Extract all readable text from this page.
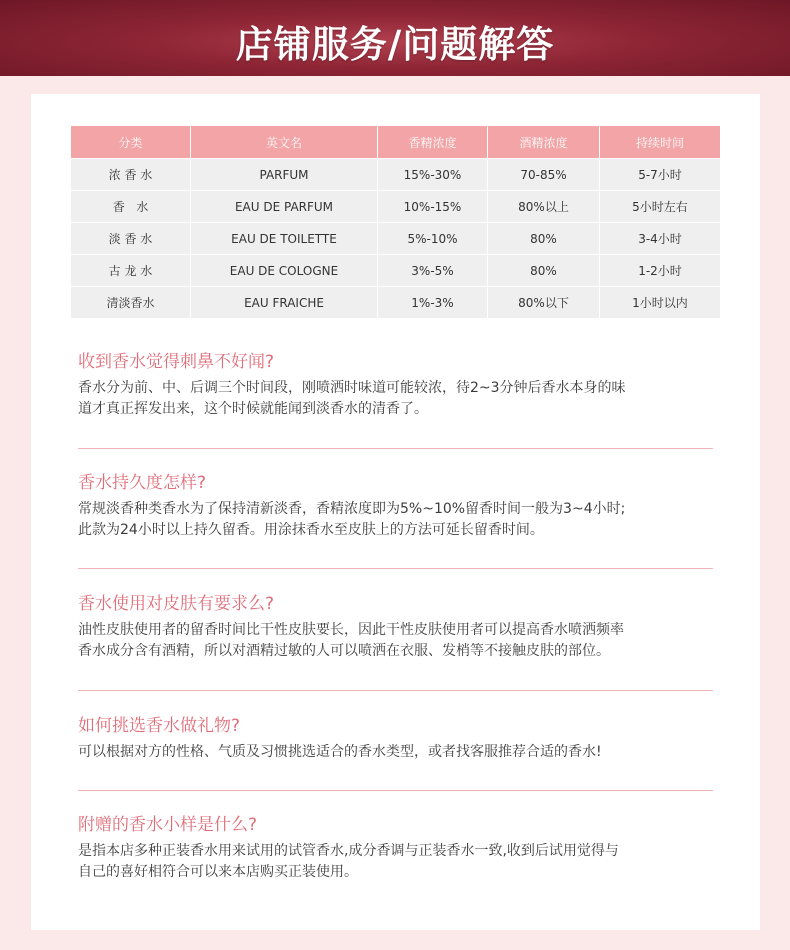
店铺服务/问题解答
分类	英文名	香精浓度	酒精浓度	持续时间
浓 香 水	PARFUM	15%-30%	70-85%	5-7小时
香   水	EAU DE PARFUM	10%-15%	80%以上	5小时左右
淡 香 水	EAU DE TOILETTE	5%-10%	80%	3-4小时
古 龙 水	EAU DE COLOGNE	3%-5%	80%	1-2小时
清淡香水	EAU FRAICHE	1%-3%	80%以下	1小时以内
收到香水觉得刺鼻不好闻?
香水分为前、中、后调三个时间段，刚喷洒时味道可能较浓，待2~3分钟后香水本身的味
道才真正挥发出来，这个时候就能闻到淡香水的清香了。
香水持久度怎样?
常规淡香种类香水为了保持清新淡香，香精浓度即为5%~10%留香时间一般为3~4小时;
此款为24小时以上持久留香。用涂抹香水至皮肤上的方法可延长留香时间。
香水使用对皮肤有要求么?
油性皮肤使用者的留香时间比干性皮肤要长，因此干性皮肤使用者可以提高香水喷洒频率
香水成分含有酒精，所以对酒精过敏的人可以喷洒在衣服、发梢等不接触皮肤的部位。
如何挑选香水做礼物?
可以根据对方的性格、气质及习惯挑选适合的香水类型，或者找客服推荐合适的香水!
附赠的香水小样是什么?
是指本店多种正装香水用来试用的试管香水,成分香调与正装香水一致,收到后试用觉得与
自己的喜好相符合可以来本店购买正装使用。
